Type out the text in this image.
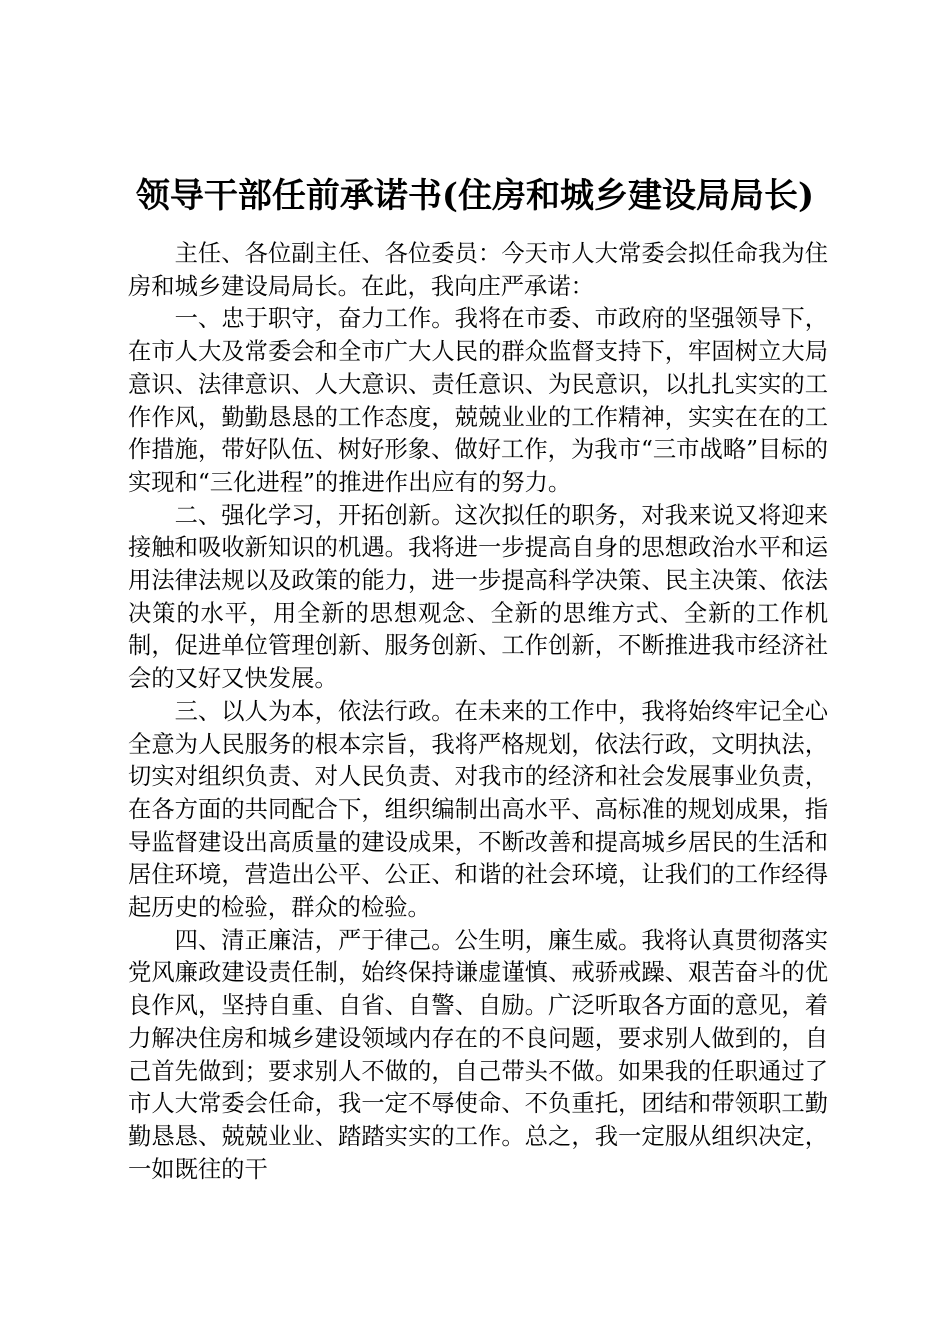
领导干部任前承诺书(住房和城乡建设局局长)

主任、各位副主任、各位委员：今天市人大常委会拟任命我为住房和城乡建设局局长。在此，我向庄严承诺：

一、忠于职守，奋力工作。我将在市委、市政府的坚强领导下，在市人大及常委会和全市广大人民的群众监督支持下，牢固树立大局意识、法律意识、人大意识、责任意识、为民意识，以扎扎实实的工作作风，勤勤恳恳的工作态度，兢兢业业的工作精神，实实在在的工作措施，带好队伍、树好形象、做好工作，为我市“三市战略”目标的实现和“三化进程”的推进作出应有的努力。

二、强化学习，开拓创新。这次拟任的职务，对我来说又将迎来接触和吸收新知识的机遇。我将进一步提高自身的思想政治水平和运用法律法规以及政策的能力，进一步提高科学决策、民主决策、依法决策的水平，用全新的思想观念、全新的思维方式、全新的工作机制，促进单位管理创新、服务创新、工作创新，不断推进我市经济社会的又好又快发展。

三、以人为本，依法行政。在未来的工作中，我将始终牢记全心全意为人民服务的根本宗旨，我将严格规划，依法行政，文明执法，切实对组织负责、对人民负责、对我市的经济和社会发展事业负责，在各方面的共同配合下，组织编制出高水平、高标准的规划成果，指导监督建设出高质量的建设成果，不断改善和提高城乡居民的生活和居住环境，营造出公平、公正、和谐的社会环境，让我们的工作经得起历史的检验，群众的检验。

四、清正廉洁，严于律己。公生明，廉生威。我将认真贯彻落实党风廉政建设责任制，始终保持谦虚谨慎、戒骄戒躁、艰苦奋斗的优良作风，坚持自重、自省、自警、自励。广泛听取各方面的意见，着力解决住房和城乡建设领域内存在的不良问题，要求别人做到的，自己首先做到；要求别人不做的，自己带头不做。如果我的任职通过了市人大常委会任命，我一定不辱使命、不负重托，团结和带领职工勤勤恳恳、兢兢业业、踏踏实实的工作。总之，我一定服从组织决定，一如既往的干
